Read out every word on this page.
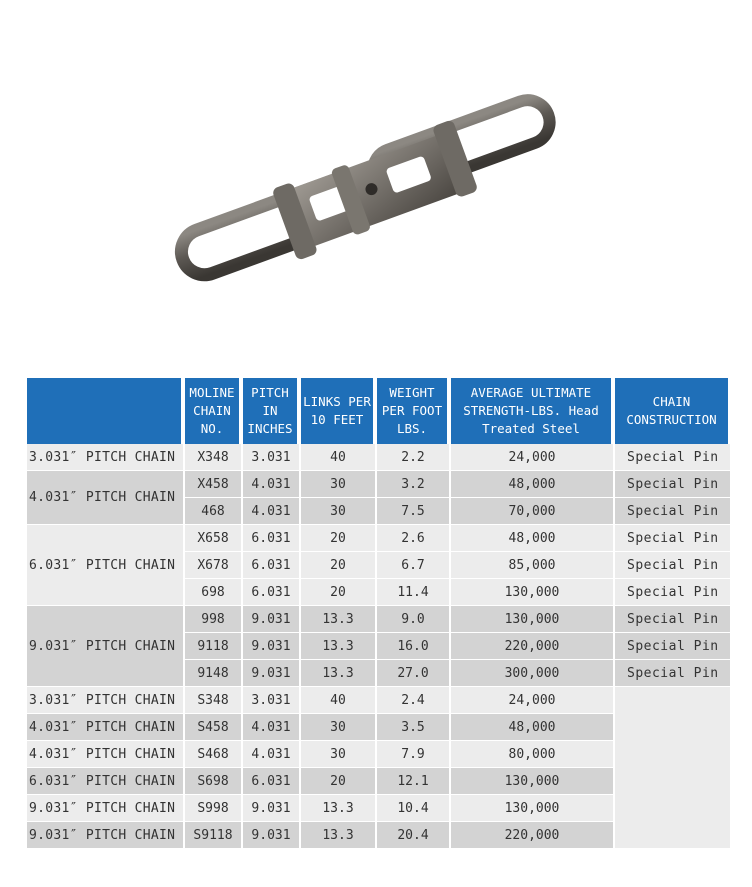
	MOLINE CHAIN NO.	PITCH IN INCHES	LINKS PER 10 FEET	WEIGHT PER FOOT LBS.	AVERAGE ULTIMATE STRENGTH-LBS. Head Treated Steel	CHAIN CONSTRUCTION
3.031″ PITCH CHAIN	X348	3.031	40	2.2	24,000	Special Pin
4.031″ PITCH CHAIN	X458	4.031	30	3.2	48,000	Special Pin
	468	4.031	30	7.5	70,000	Special Pin
6.031″ PITCH CHAIN	X658	6.031	20	2.6	48,000	Special Pin
	X678	6.031	20	6.7	85,000	Special Pin
	698	6.031	20	11.4	130,000	Special Pin
9.031″ PITCH CHAIN	998	9.031	13.3	9.0	130,000	Special Pin
	9118	9.031	13.3	16.0	220,000	Special Pin
	9148	9.031	13.3	27.0	300,000	Special Pin
3.031″ PITCH CHAIN	S348	3.031	40	2.4	24,000	
4.031″ PITCH CHAIN	S458	4.031	30	3.5	48,000	
4.031″ PITCH CHAIN	S468	4.031	30	7.9	80,000	
6.031″ PITCH CHAIN	S698	6.031	20	12.1	130,000	
9.031″ PITCH CHAIN	S998	9.031	13.3	10.4	130,000	
9.031″ PITCH CHAIN	S9118	9.031	13.3	20.4	220,000	
